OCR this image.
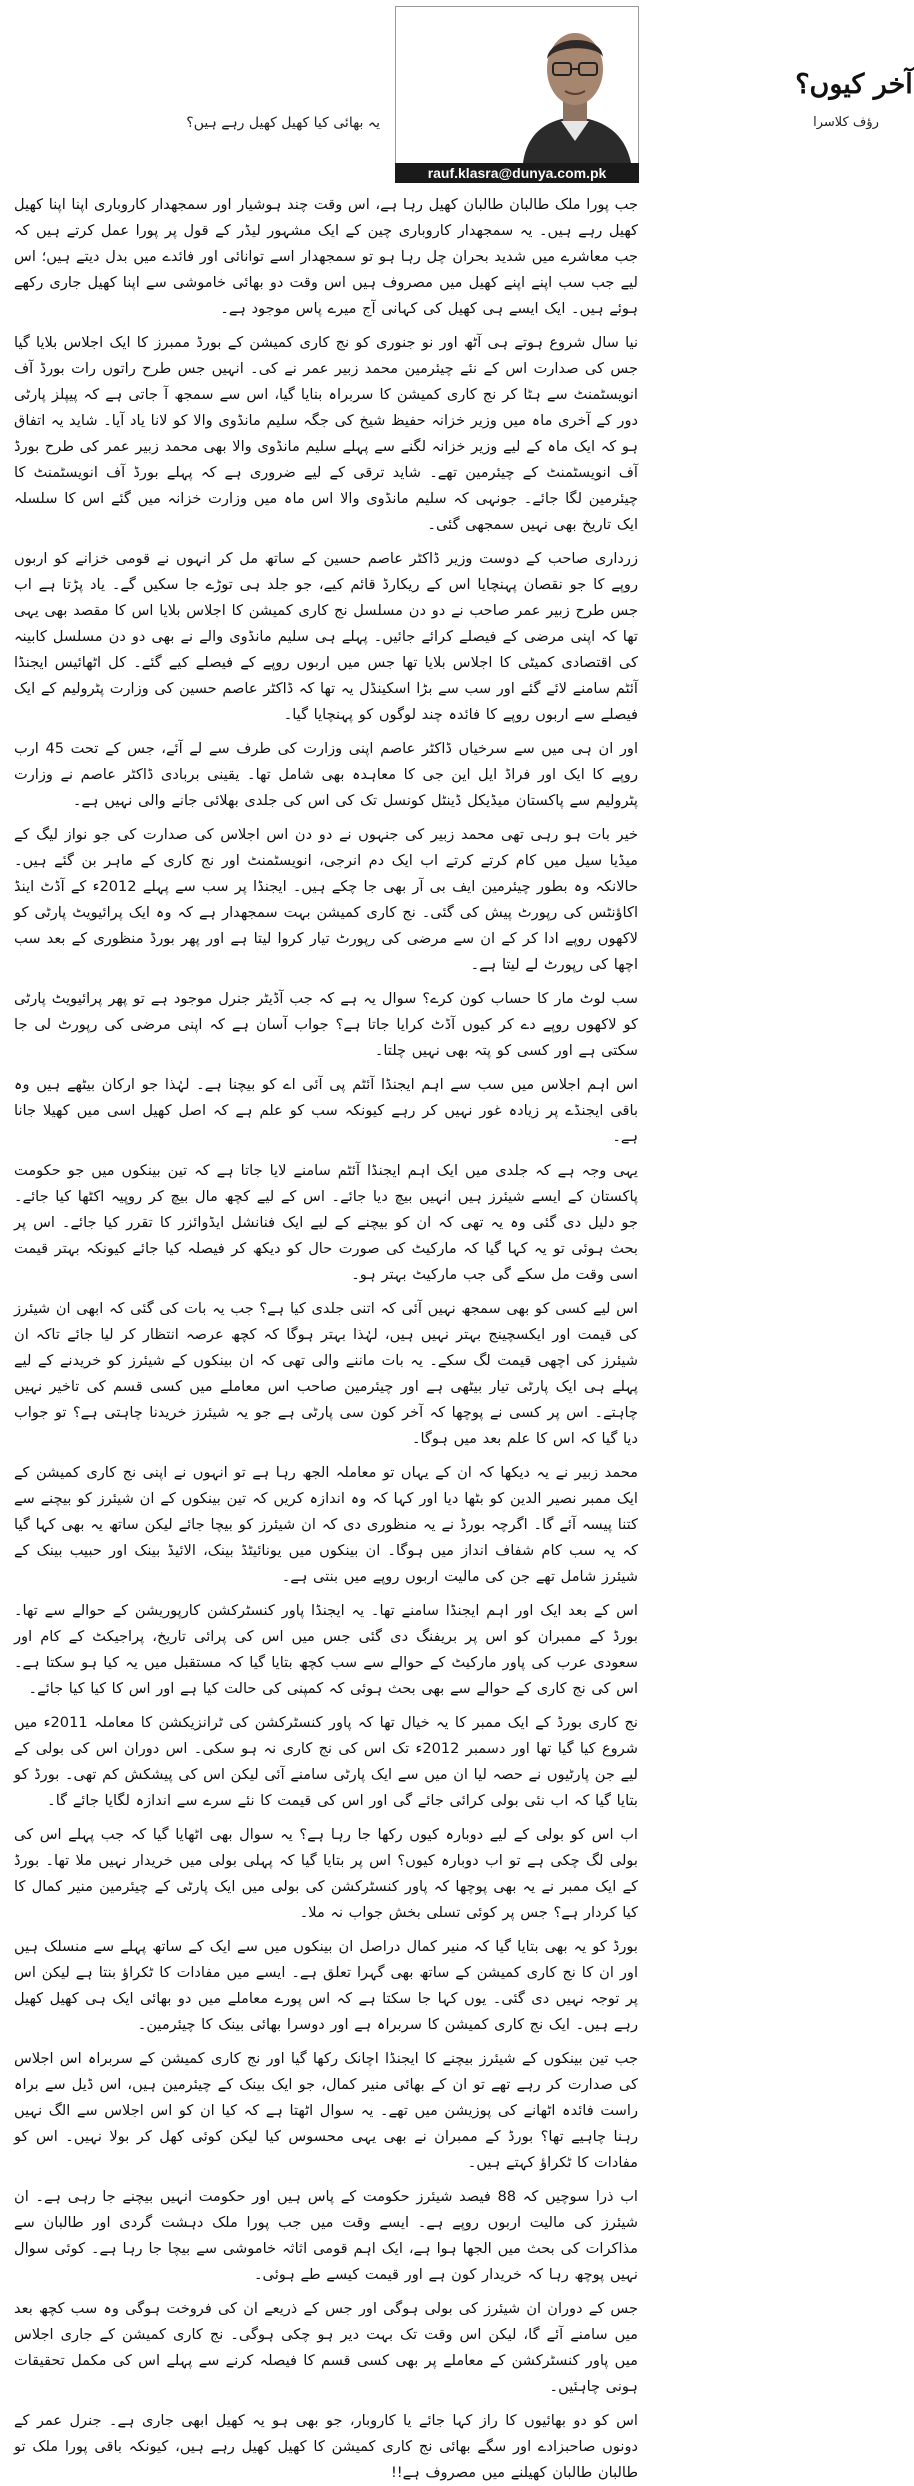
یہ بھائی کیا کھیل کھیل رہے ہیں؟
آخر کیوں؟
رؤف کلاسرا
rauf.klasra@dunya.com.pk

جب پورا ملک طالبان طالبان کھیل رہا ہے، اس وقت چند ہوشیار اور سمجھدار کاروباری اپنا اپنا کھیل کھیل رہے ہیں۔ یہ سمجھدار کاروباری چین کے ایک مشہور لیڈر کے قول پر پورا عمل کرتے ہیں کہ جب معاشرے میں شدید بحران چل رہا ہو تو سمجھدار اسے توانائی اور فائدے میں بدل دیتے ہیں؛ اس لیے جب سب اپنے اپنے کھیل میں مصروف ہیں اس وقت دو بھائی خاموشی سے اپنا کھیل جاری رکھے ہوئے ہیں۔ ایک ایسے ہی کھیل کی کہانی آج میرے پاس موجود ہے۔

نیا سال شروع ہوتے ہی آٹھ اور نو جنوری کو نج کاری کمیشن کے بورڈ ممبرز کا ایک اجلاس بلایا گیا جس کی صدارت اس کے نئے چیئرمین محمد زبیر عمر نے کی۔ انہیں جس طرح راتوں رات بورڈ آف انویسٹمنٹ سے ہٹا کر نج کاری کمیشن کا سربراہ بنایا گیا، اس سے سمجھ آ جاتی ہے کہ پیپلز پارٹی دور کے آخری ماہ میں وزیر خزانہ حفیظ شیخ کی جگہ سلیم مانڈوی والا کو لانا یاد آیا۔ شاید یہ اتفاق ہو کہ ایک ماہ کے لیے وزیر خزانہ لگنے سے پہلے سلیم مانڈوی والا بھی محمد زبیر عمر کی طرح بورڈ آف انویسٹمنٹ کے چیئرمین تھے۔ شاید ترقی کے لیے ضروری ہے کہ پہلے بورڈ آف انویسٹمنٹ کا چیئرمین لگا جائے۔ جونہی کہ سلیم مانڈوی والا اس ماہ میں وزارت خزانہ میں گئے اس کا سلسلہ ایک تاریخ بھی نہیں سمجھی گئی۔

زرداری صاحب کے دوست وزیر ڈاکٹر عاصم حسین کے ساتھ مل کر انہوں نے قومی خزانے کو اربوں روپے کا جو نقصان پہنچایا اس کے ریکارڈ قائم کیے، جو جلد ہی توڑے جا سکیں گے۔ یاد پڑتا ہے اب جس طرح زبیر عمر صاحب نے دو دن مسلسل نج کاری کمیشن کا اجلاس بلایا اس کا مقصد بھی یہی تھا کہ اپنی مرضی کے فیصلے کرائے جائیں۔ پہلے ہی سلیم مانڈوی والے نے بھی دو دن مسلسل کابینہ کی اقتصادی کمیٹی کا اجلاس بلایا تھا جس میں اربوں روپے کے فیصلے کیے گئے۔ کل اٹھائیس ایجنڈا آئٹم سامنے لائے گئے اور سب سے بڑا اسکینڈل یہ تھا کہ ڈاکٹر عاصم حسین کی وزارت پٹرولیم کے ایک فیصلے سے اربوں روپے کا فائدہ چند لوگوں کو پہنچایا گیا۔

اور ان ہی میں سے سرخیاں ڈاکٹر عاصم اپنی وزارت کی طرف سے لے آئے، جس کے تحت 45 ارب روپے کا ایک اور فراڈ ایل این جی کا معاہدہ بھی شامل تھا۔ یقینی بربادی ڈاکٹر عاصم نے وزارت پٹرولیم سے پاکستان میڈیکل ڈینٹل کونسل تک کی اس کی جلدی بھلائی جانے والی نہیں ہے۔

خیر بات ہو رہی تھی محمد زبیر کی جنہوں نے دو دن اس اجلاس کی صدارت کی جو نواز لیگ کے میڈیا سیل میں کام کرتے کرتے اب ایک دم انرجی، انویسٹمنٹ اور نج کاری کے ماہر بن گئے ہیں۔ حالانکہ وہ بطور چیئرمین ایف بی آر بھی جا چکے ہیں۔ ایجنڈا پر سب سے پہلے 2012ء کے آڈٹ اینڈ اکاؤنٹس کی رپورٹ پیش کی گئی۔ نج کاری کمیشن بہت سمجھدار ہے کہ وہ ایک پرائیویٹ پارٹی کو لاکھوں روپے ادا کر کے ان سے مرضی کی رپورٹ تیار کروا لیتا ہے اور پھر بورڈ منظوری کے بعد سب اچھا کی رپورٹ لے لیتا ہے۔

سب لوٹ مار کا حساب کون کرے؟ سوال یہ ہے کہ جب آڈیٹر جنرل موجود ہے تو پھر پرائیویٹ پارٹی کو لاکھوں روپے دے کر کیوں آڈٹ کرایا جاتا ہے؟ جواب آسان ہے کہ اپنی مرضی کی رپورٹ لی جا سکتی ہے اور کسی کو پتہ بھی نہیں چلتا۔

اس اہم اجلاس میں سب سے اہم ایجنڈا آئٹم پی آئی اے کو بیچنا ہے۔ لہٰذا جو ارکان بیٹھے ہیں وہ باقی ایجنڈے پر زیادہ غور نہیں کر رہے کیونکہ سب کو علم ہے کہ اصل کھیل اسی میں کھیلا جانا ہے۔

یہی وجہ ہے کہ جلدی میں ایک اہم ایجنڈا آئٹم سامنے لایا جاتا ہے کہ تین بینکوں میں جو حکومت پاکستان کے ایسے شیئرز ہیں انہیں بیچ دیا جائے۔ اس کے لیے کچھ مال بیچ کر روپیہ اکٹھا کیا جائے۔ جو دلیل دی گئی وہ یہ تھی کہ ان کو بیچنے کے لیے ایک فنانشل ایڈوائزر کا تقرر کیا جائے۔ اس پر بحث ہوئی تو یہ کہا گیا کہ مارکیٹ کی صورت حال کو دیکھ کر فیصلہ کیا جائے کیونکہ بہتر قیمت اسی وقت مل سکے گی جب مارکیٹ بہتر ہو۔

اس لیے کسی کو بھی سمجھ نہیں آئی کہ اتنی جلدی کیا ہے؟ جب یہ بات کی گئی کہ ابھی ان شیئرز کی قیمت اور ایکسچینج بہتر نہیں ہیں، لہٰذا بہتر ہوگا کہ کچھ عرصہ انتظار کر لیا جائے تاکہ ان شیئرز کی اچھی قیمت لگ سکے۔ یہ بات ماننے والی تھی کہ ان بینکوں کے شیئرز کو خریدنے کے لیے پہلے ہی ایک پارٹی تیار بیٹھی ہے اور چیئرمین صاحب اس معاملے میں کسی قسم کی تاخیر نہیں چاہتے۔ اس پر کسی نے پوچھا کہ آخر کون سی پارٹی ہے جو یہ شیئرز خریدنا چاہتی ہے؟ تو جواب دیا گیا کہ اس کا علم بعد میں ہوگا۔

محمد زبیر نے یہ دیکھا کہ ان کے یہاں تو معاملہ الجھ رہا ہے تو انہوں نے اپنی نج کاری کمیشن کے ایک ممبر نصیر الدین کو بٹھا دیا اور کہا کہ وہ اندازہ کریں کہ تین بینکوں کے ان شیئرز کو بیچنے سے کتنا پیسہ آئے گا۔ اگرچہ بورڈ نے یہ منظوری دی کہ ان شیئرز کو بیچا جائے لیکن ساتھ یہ بھی کہا گیا کہ یہ سب کام شفاف انداز میں ہوگا۔ ان بینکوں میں یونائیٹڈ بینک، الائیڈ بینک اور حبیب بینک کے شیئرز شامل تھے جن کی مالیت اربوں روپے میں بنتی ہے۔

اس کے بعد ایک اور اہم ایجنڈا سامنے تھا۔ یہ ایجنڈا پاور کنسٹرکشن کارپوریشن کے حوالے سے تھا۔ بورڈ کے ممبران کو اس پر بریفنگ دی گئی جس میں اس کی پرائی تاریخ، پراجیکٹ کے کام اور سعودی عرب کی پاور مارکیٹ کے حوالے سے سب کچھ بتایا گیا کہ مستقبل میں یہ کیا ہو سکتا ہے۔ اس کی نج کاری کے حوالے سے بھی بحث ہوئی کہ کمپنی کی حالت کیا ہے اور اس کا کیا کیا جائے۔

نج کاری بورڈ کے ایک ممبر کا یہ خیال تھا کہ پاور کنسٹرکشن کی ٹرانزیکشن کا معاملہ 2011ء میں شروع کیا گیا تھا اور دسمبر 2012ء تک اس کی نج کاری نہ ہو سکی۔ اس دوران اس کی بولی کے لیے جن پارٹیوں نے حصہ لیا ان میں سے ایک پارٹی سامنے آئی لیکن اس کی پیشکش کم تھی۔ بورڈ کو بتایا گیا کہ اب نئی بولی کرائی جائے گی اور اس کی قیمت کا نئے سرے سے اندازہ لگایا جائے گا۔

اب اس کو بولی کے لیے دوبارہ کیوں رکھا جا رہا ہے؟ یہ سوال بھی اٹھایا گیا کہ جب پہلے اس کی بولی لگ چکی ہے تو اب دوبارہ کیوں؟ اس پر بتایا گیا کہ پہلی بولی میں خریدار نہیں ملا تھا۔ بورڈ کے ایک ممبر نے یہ بھی پوچھا کہ پاور کنسٹرکشن کی بولی میں ایک پارٹی کے چیئرمین منیر کمال کا کیا کردار ہے؟ جس پر کوئی تسلی بخش جواب نہ ملا۔

بورڈ کو یہ بھی بتایا گیا کہ منیر کمال دراصل ان بینکوں میں سے ایک کے ساتھ پہلے سے منسلک ہیں اور ان کا نج کاری کمیشن کے ساتھ بھی گہرا تعلق ہے۔ ایسے میں مفادات کا ٹکراؤ بنتا ہے لیکن اس پر توجہ نہیں دی گئی۔ یوں کہا جا سکتا ہے کہ اس پورے معاملے میں دو بھائی ایک ہی کھیل کھیل رہے ہیں۔ ایک نج کاری کمیشن کا سربراہ ہے اور دوسرا بھائی بینک کا چیئرمین۔

جب تین بینکوں کے شیئرز بیچنے کا ایجنڈا اچانک رکھا گیا اور نج کاری کمیشن کے سربراہ اس اجلاس کی صدارت کر رہے تھے تو ان کے بھائی منیر کمال، جو ایک بینک کے چیئرمین ہیں، اس ڈیل سے براہ راست فائدہ اٹھانے کی پوزیشن میں تھے۔ یہ سوال اٹھتا ہے کہ کیا ان کو اس اجلاس سے الگ نہیں رہنا چاہیے تھا؟ بورڈ کے ممبران نے بھی یہی محسوس کیا لیکن کوئی کھل کر بولا نہیں۔ اس کو مفادات کا ٹکراؤ کہتے ہیں۔

اب ذرا سوچیں کہ 88 فیصد شیئرز حکومت کے پاس ہیں اور حکومت انہیں بیچنے جا رہی ہے۔ ان شیئرز کی مالیت اربوں روپے ہے۔ ایسے وقت میں جب پورا ملک دہشت گردی اور طالبان سے مذاکرات کی بحث میں الجھا ہوا ہے، ایک اہم قومی اثاثہ خاموشی سے بیچا جا رہا ہے۔ کوئی سوال نہیں پوچھ رہا کہ خریدار کون ہے اور قیمت کیسے طے ہوئی۔

جس کے دوران ان شیئرز کی بولی ہوگی اور جس کے ذریعے ان کی فروخت ہوگی وہ سب کچھ بعد میں سامنے آئے گا، لیکن اس وقت تک بہت دیر ہو چکی ہوگی۔ نج کاری کمیشن کے جاری اجلاس میں پاور کنسٹرکشن کے معاملے پر بھی کسی قسم کا فیصلہ کرنے سے پہلے اس کی مکمل تحقیقات ہونی چاہئیں۔

اس کو دو بھائیوں کا راز کہا جائے یا کاروبار، جو بھی ہو یہ کھیل ابھی جاری ہے۔ جنرل عمر کے دونوں صاحبزادے اور سگے بھائی نج کاری کمیشن کا کھیل کھیل رہے ہیں، کیونکہ باقی پورا ملک تو طالبان طالبان کھیلنے میں مصروف ہے!!
